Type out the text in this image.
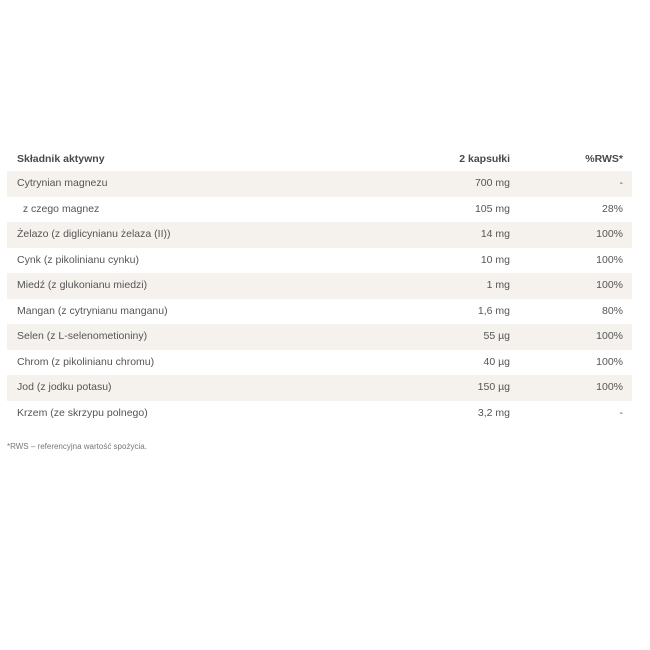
Składnik aktywny	2 kapsułki	%RWS*
Cytrynian magnezu	700 mg	-
z czego magnez	105 mg	28%
Żelazo (z diglicynianu żelaza (II))	14 mg	100%
Cynk (z pikolinianu cynku)	10 mg	100%
Miedź (z glukonianu miedzi)	1 mg	100%
Mangan (z cytrynianu manganu)	1,6 mg	80%
Selen (z L-selenometioniny)	55 µg	100%
Chrom (z pikolinianu chromu)	40 µg	100%
Jod (z jodku potasu)	150 µg	100%
Krzem (ze skrzypu polnego)	3,2 mg	-
*RWS – referencyjna wartość spożycia.
